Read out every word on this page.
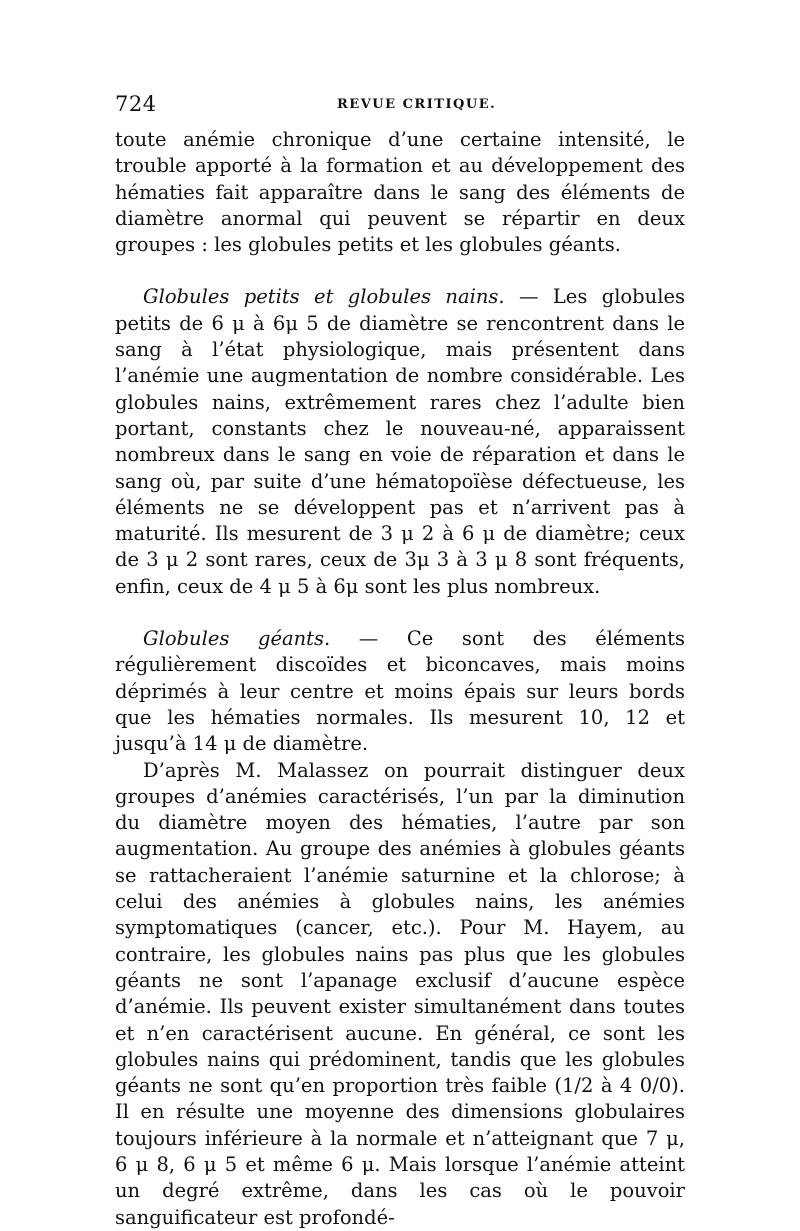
724	REVUE CRITIQUE.

toute anémie chronique d’une certaine intensité, le trouble apporté à la formation et au développement des hématies fait apparaître dans le sang des éléments de diamètre anormal qui peuvent se répartir en deux groupes : les globules petits et les globules géants.

Globules petits et globules nains. — Les globules petits de 6 μ à 6μ 5 de diamètre se rencontrent dans le sang à l’état physiologique, mais présentent dans l’anémie une augmentation de nombre considérable. Les globules nains, extrêmement rares chez l’adulte bien portant, constants chez le nouveau-né, apparaissent nombreux dans le sang en voie de réparation et dans le sang où, par suite d’une hématopoïèse défectueuse, les éléments ne se développent pas et n’arrivent pas à maturité. Ils mesurent de 3 μ 2 à 6 μ de diamètre; ceux de 3 μ 2 sont rares, ceux de 3μ 3 à 3 μ 8 sont fréquents, enfin, ceux de 4 μ 5 à 6μ sont les plus nombreux.

Globules géants. — Ce sont des éléments régulièrement discoïdes et biconcaves, mais moins déprimés à leur centre et moins épais sur leurs bords que les hématies normales. Ils mesurent 10, 12 et jusqu’à 14 μ de diamètre.

D’après M. Malassez on pourrait distinguer deux groupes d’anémies caractérisés, l’un par la diminution du diamètre moyen des hématies, l’autre par son augmentation. Au groupe des anémies à globules géants se rattacheraient l’anémie saturnine et la chlorose; à celui des anémies à globules nains, les anémies symptomatiques (cancer, etc.). Pour M. Hayem, au contraire, les globules nains pas plus que les globules géants ne sont l’apanage exclusif d’aucune espèce d’anémie. Ils peuvent exister simultanément dans toutes et n’en caractérisent aucune. En général, ce sont les globules nains qui prédominent, tandis que les globules géants ne sont qu’en proportion très faible (1/2 à 4 0/0). Il en résulte une moyenne des dimensions globulaires toujours inférieure à la normale et n’atteignant que 7 μ, 6 μ 8, 6 μ 5 et même 6 μ. Mais lorsque l’anémie atteint un degré extrême, dans les cas où le pouvoir sanguificateur est profondé-
